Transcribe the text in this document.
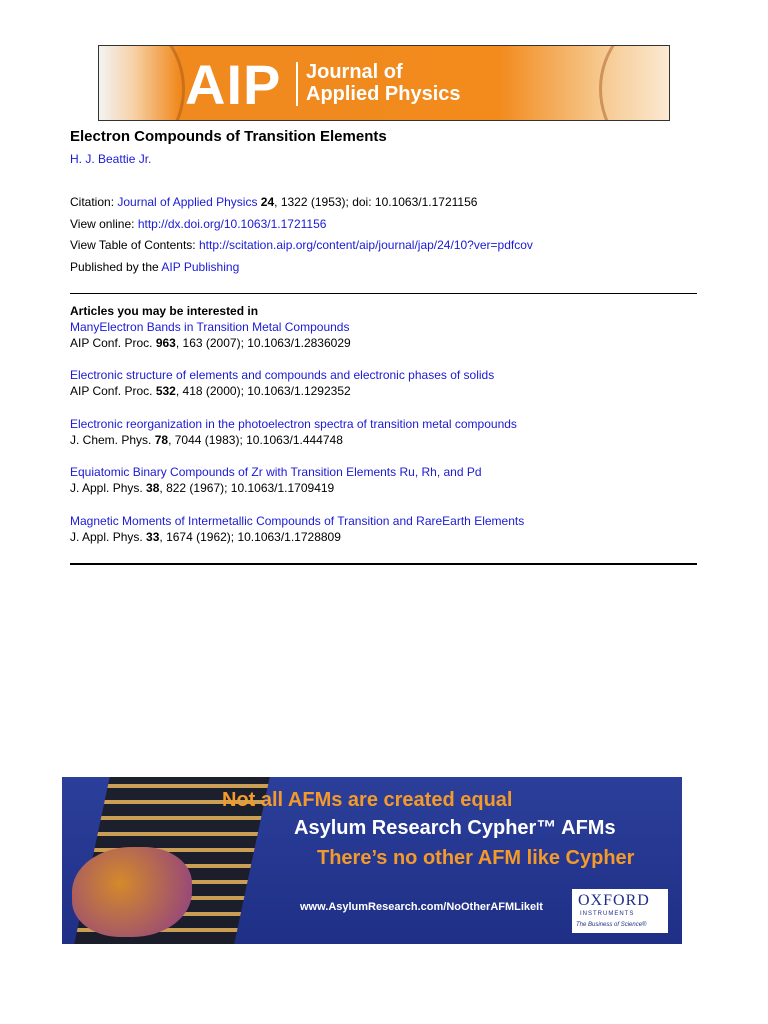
AIP Journal of
Applied Physics
Electron Compounds of Transition Elements
H. J. Beattie Jr.
Citation: Journal of Applied Physics 24, 1322 (1953); doi: 10.1063/1.1721156
View online: http://dx.doi.org/10.1063/1.1721156
View Table of Contents: http://scitation.aip.org/content/aip/journal/jap/24/10?ver=pdfcov
Published by the AIP Publishing
Articles you may be interested in
ManyElectron Bands in Transition Metal Compounds
AIP Conf. Proc. 963, 163 (2007); 10.1063/1.2836029
Electronic structure of elements and compounds and electronic phases of solids
AIP Conf. Proc. 532, 418 (2000); 10.1063/1.1292352
Electronic reorganization in the photoelectron spectra of transition metal compounds
J. Chem. Phys. 78, 7044 (1983); 10.1063/1.444748
Equiatomic Binary Compounds of Zr with Transition Elements Ru, Rh, and Pd
J. Appl. Phys. 38, 822 (1967); 10.1063/1.1709419
Magnetic Moments of Intermetallic Compounds of Transition and RareEarth Elements
J. Appl. Phys. 33, 1674 (1962); 10.1063/1.1728809
Not all AFMs are created equal
Asylum Research Cypher™ AFMs
There’s no other AFM like Cypher
www.AsylumResearch.com/NoOtherAFMLikeIt OXFORD
INSTRUMENTS
The Business of Science®
